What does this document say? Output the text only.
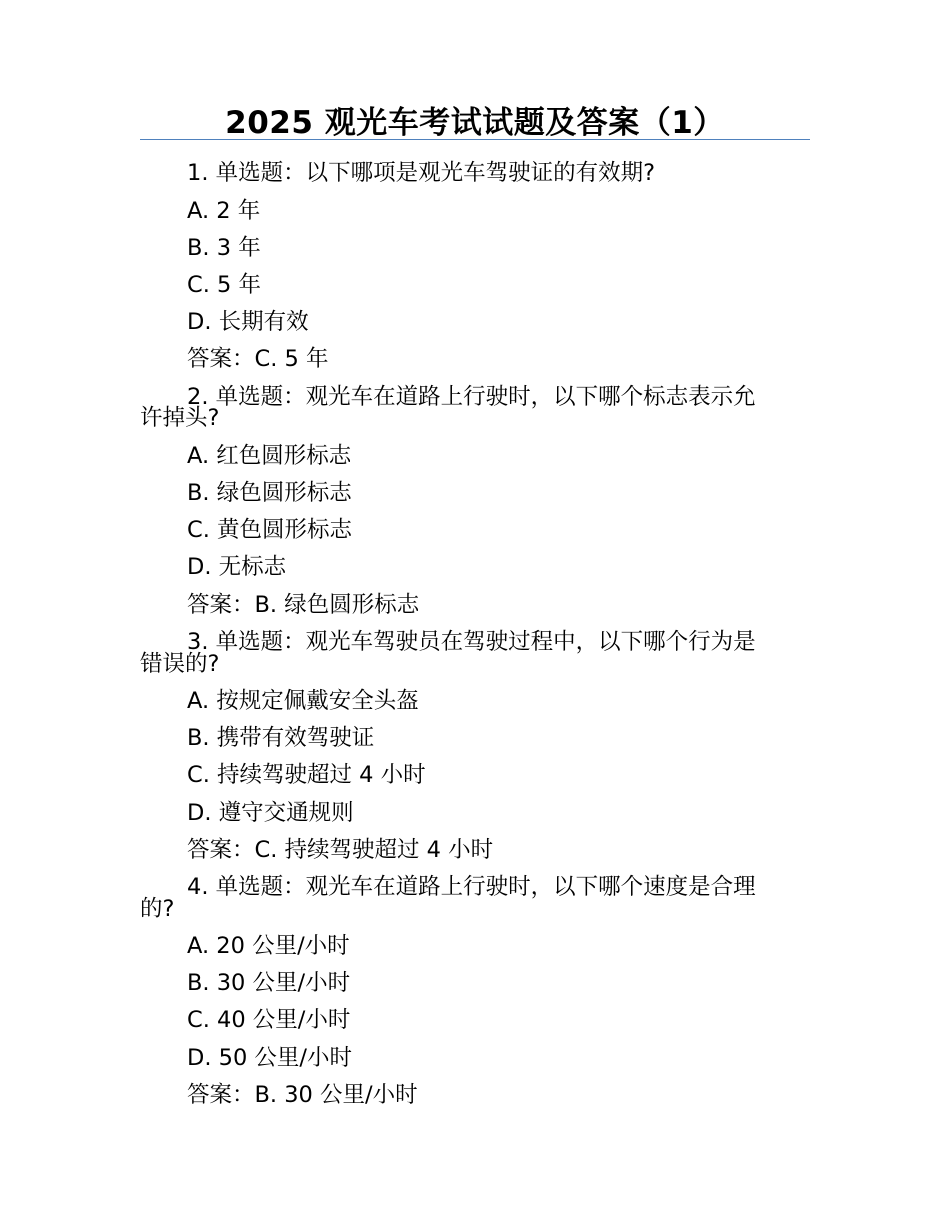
2025 观光车考试试题及答案（1）
1. 单选题：以下哪项是观光车驾驶证的有效期?
A. 2 年
B. 3 年
C. 5 年
D. 长期有效
答案：C. 5 年
2. 单选题：观光车在道路上行驶时，以下哪个标志表示允
许掉头?
A. 红色圆形标志
B. 绿色圆形标志
C. 黄色圆形标志
D. 无标志
答案：B. 绿色圆形标志
3. 单选题：观光车驾驶员在驾驶过程中，以下哪个行为是
错误的?
A. 按规定佩戴安全头盔
B. 携带有效驾驶证
C. 持续驾驶超过 4 小时
D. 遵守交通规则
答案：C. 持续驾驶超过 4 小时
4. 单选题：观光车在道路上行驶时，以下哪个速度是合理
的?
A. 20 公里/小时
B. 30 公里/小时
C. 40 公里/小时
D. 50 公里/小时
答案：B. 30 公里/小时
